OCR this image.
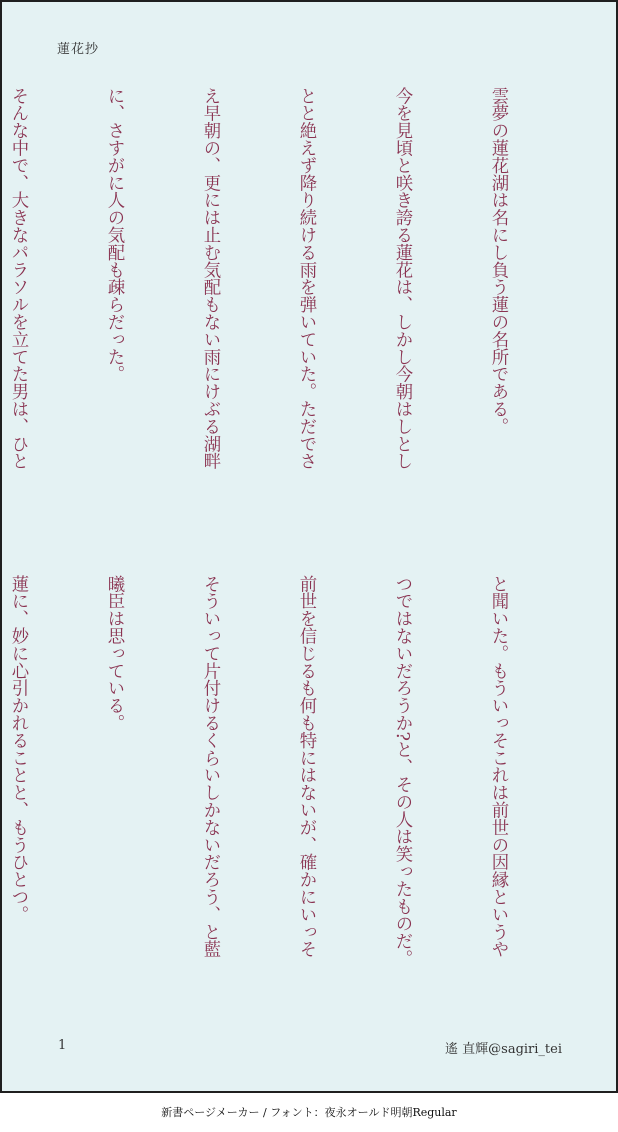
蓮花抄

雲夢の蓮花湖は名にし負う蓮の名所である。

今を見頃と咲き誇る蓮花は、しかし今朝はしとし

とと絶えず降り続ける雨を弾いていた。ただでさ

え早朝の、更には止む気配もない雨にけぶる湖畔

に、さすがに人の気配も疎らだった。

そんな中で、大きなパラソルを立てた男は、ひと

と聞いた。もういっそこれは前世の因縁というや

つではないだろうか?と、その人は笑ったものだ。

前世を信じるも何も特にはないが、確かにいっそ

そういって片付けるくらいしかないだろう、と藍

曦臣は思っている。

蓮に、妙に心引かれることと、もうひとつ。

1	遙 直輝@sagiri_tei
新書ページメーカー / フォント：夜永オールド明朝Regular
